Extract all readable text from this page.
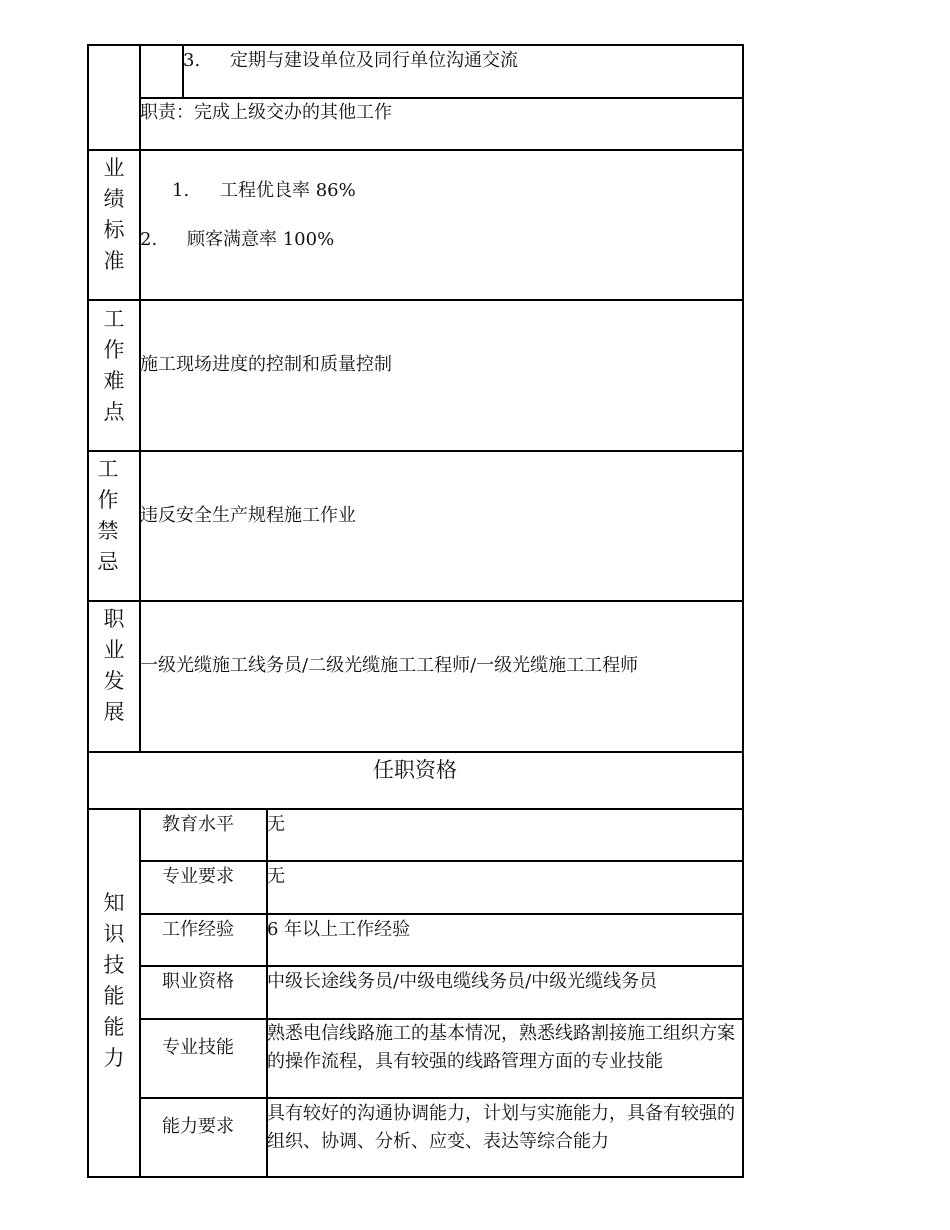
3. 定期与建设单位及同行单位沟通交流
职责：完成上级交办的其他工作
业
绩
标
准
1. 工程优良率 86%
2. 顾客满意率 100%
工
作
难
点
施工现场进度的控制和质量控制
工
作
禁
忌
违反安全生产规程施工作业
职
业
发
展
一级光缆施工线务员/二级光缆施工工程师/一级光缆施工工程师
任职资格
知
识
技
能
能
力
教育水平 无
专业要求 无
工作经验 6 年以上工作经验
职业资格 中级长途线务员/中级电缆线务员/中级光缆线务员
专业技能
熟悉电信线路施工的基本情况，熟悉线路割接施工组织方案的操作流程，具有较强的线路管理方面的专业技能
能力要求
具有较好的沟通协调能力，计划与实施能力，具备有较强的组织、协调、分析、应变、表达等综合能力
